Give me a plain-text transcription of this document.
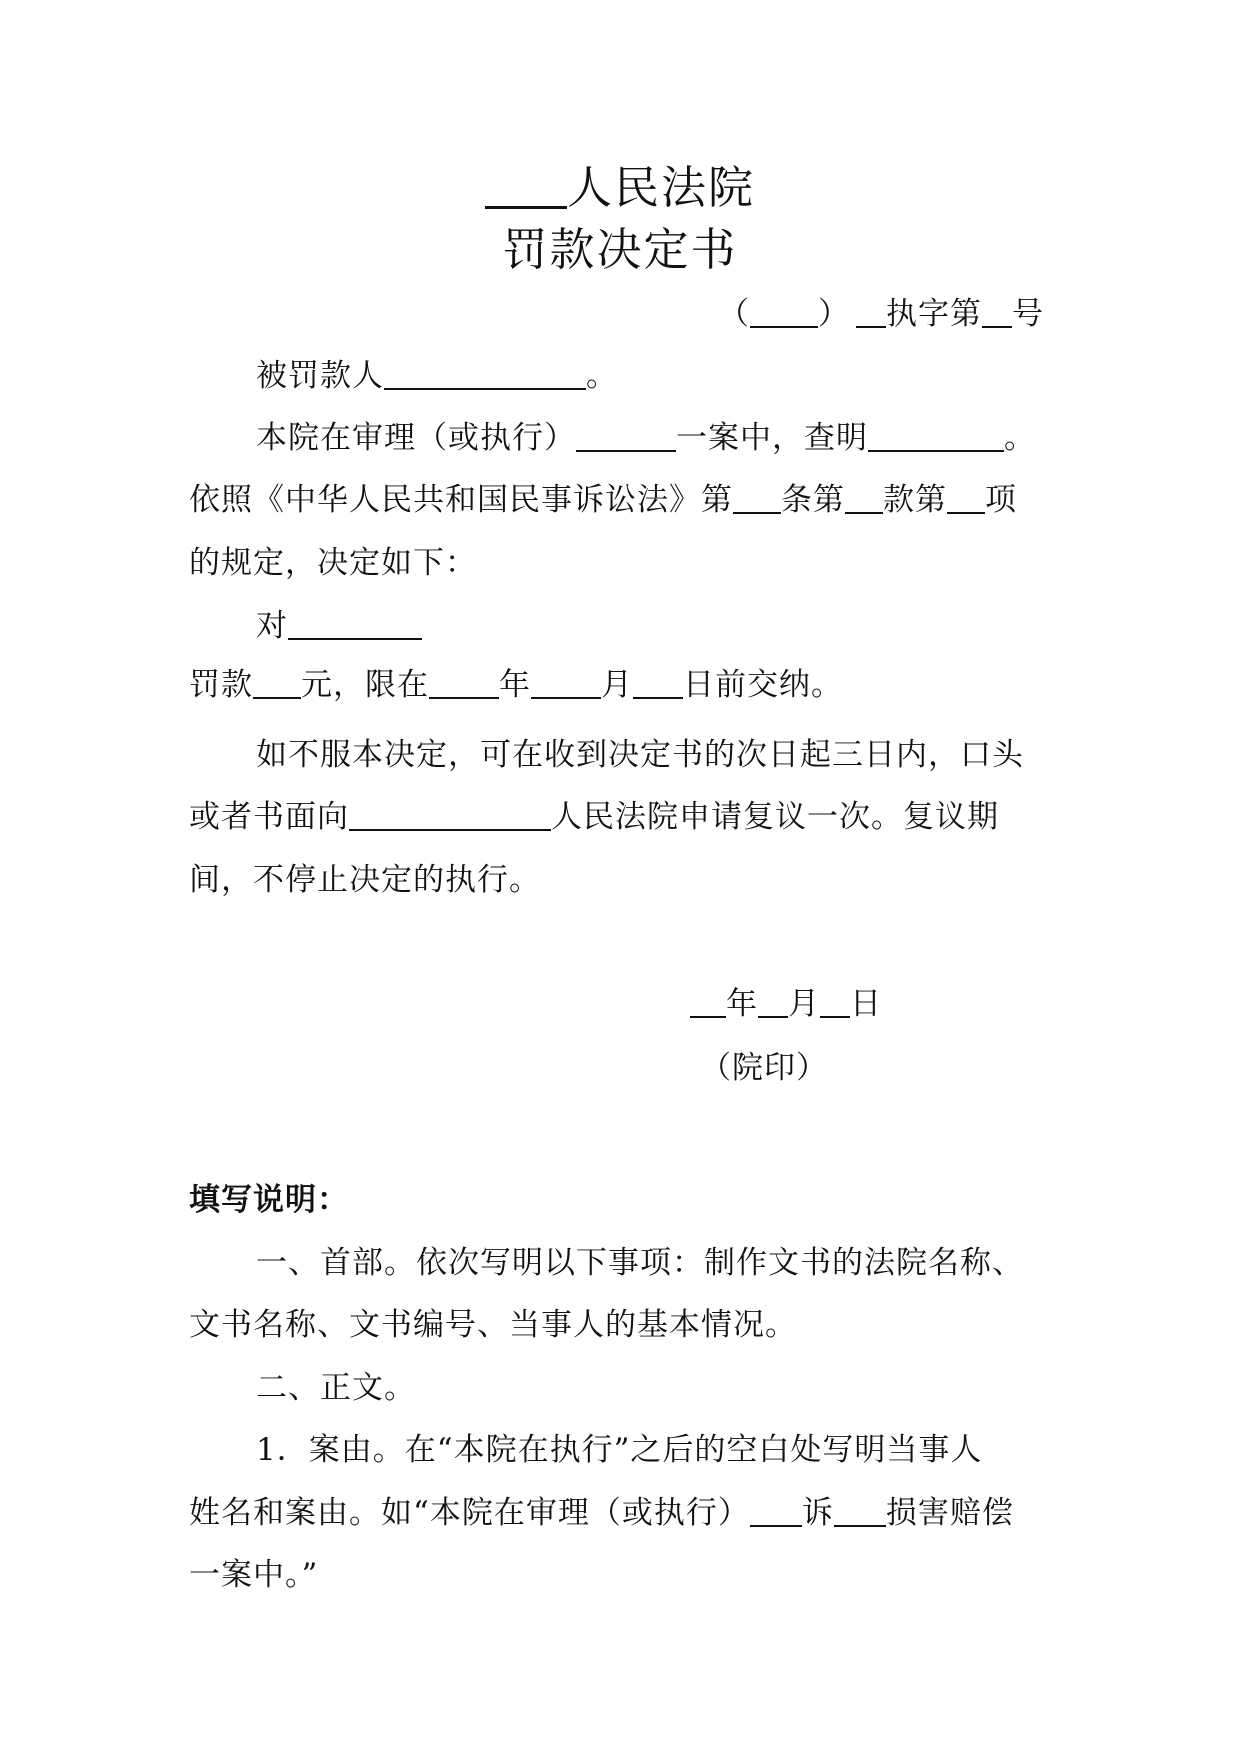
人民法院
罚款决定书
（ ） 执字第 号
被罚款人	。
本院在审理（或执行）	一案中，查明	。
依照《中华人民共和国民事诉讼法》第 条第 款第 项
的规定，决定如下：
对
罚款 元，限在 年 月 日前交纳。
如不服本决定，可在收到决定书的次日起三日内，口头
或者书面向	人民法院申请复议一次。复议期
间，不停止决定的执行。
年 月 日
（院印）
填写说明：
一、首部。依次写明以下事项：制作文书的法院名称、
文书名称、文书编号、当事人的基本情况。
二、正文。
1．案由。在“本院在执行”之后的空白处写明当事人
姓名和案由。如“本院在审理（或执行） 诉 损害赔偿
一案中。”
